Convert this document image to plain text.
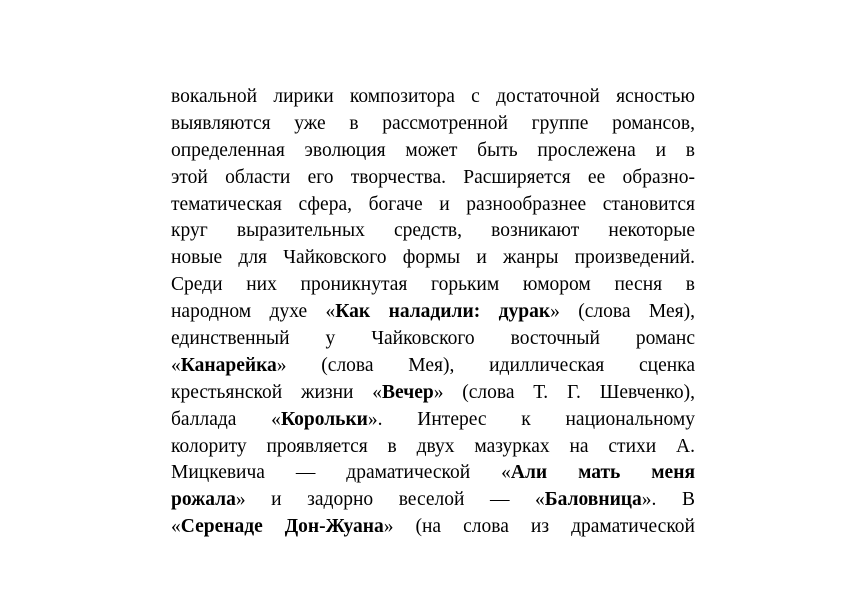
вокальной лирики композитора с достаточной ясностью
выявляются уже в рассмотренной группе романсов,
определенная эволюция может быть прослежена и в
этой области его творчества. Расширяется ее образно-
тематическая сфера, богаче и разнообразнее становится
круг выразительных средств, возникают некоторые
новые для Чайковского формы и жанры произведений.
Среди них проникнутая горьким юмором песня в
народном духе «Как наладили: дурак» (слова Мея),
единственный у Чайковского восточный романс
«Канарейка» (слова Мея), идиллическая сценка
крестьянской жизни «Вечер» (слова Т. Г. Шевченко),
баллада «Корольки». Интерес к национальному
колориту проявляется в двух мазурках на стихи А.
Мицкевича — драматической «Али мать меня
рожала» и задорно веселой — «Баловница». В
«Серенаде Дон-Жуана» (на слова из драматической
